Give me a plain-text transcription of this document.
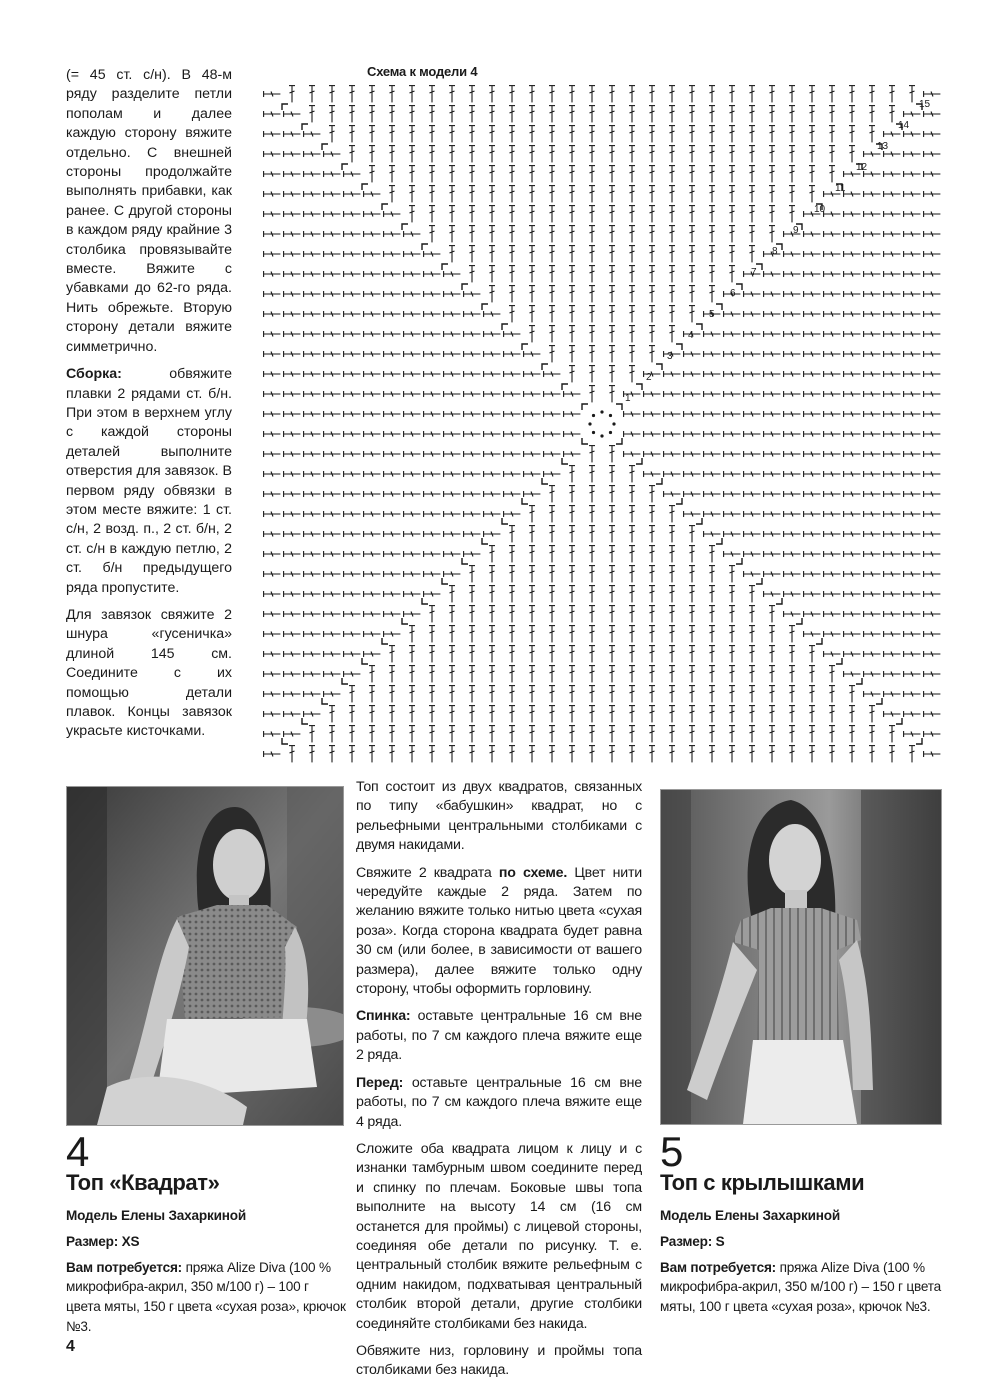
(= 45 ст. с/н). В 48-м ряду разделите петли пополам и далее каждую сторону вяжите отдельно. С внешней стороны продолжайте выполнять прибавки, как ранее. С другой стороны в каждом ряду крайние 3 столбика провязывайте вместе. Вяжите с убавками до 62-го ряда. Нить обрежьте. Вторую сторону детали вяжите симметрично.

Сборка: обвяжите плавки 2 рядами ст. б/н. При этом в верхнем углу с каждой стороны деталей выполните отверстия для завязок. В первом ряду обвязки в этом месте вяжите: 1 ст. с/н, 2 возд. п., 2 ст. б/н, 2 ст. с/н в каждую петлю, 2 ст. б/н предыдущего ряда пропустите.

Для завязок свяжите 2 шнура «гусеничка» длиной 145 см. Соедините с их помощью детали плавок. Концы завязок украсьте кисточками.

Схема к модели 4
1
2
3
4
5
6
7
8
9
10
11
12
13
14
15
4
Топ «Квадрат»

Модель Елены Захаркиной

Размер: XS

Вам потребуется: пряжа Alize Diva (100 % микрофибра-акрил, 350 м/100 г) – 100 г цвета мяты, 150 г цвета «сухая роза», крючок №3.

Топ состоит из двух квадратов, связанных по типу «бабушкин» квадрат, но с рельефными центральными столбиками с двумя накидами.

Свяжите 2 квадрата по схеме. Цвет нити чередуйте каждые 2 ряда. Затем по желанию вяжите только нитью цвета «сухая роза». Когда сторона квадрата будет равна 30 см (или более, в зависимости от вашего размера), далее вяжите только одну сторону, чтобы оформить горловину.

Спинка: оставьте центральные 16 см вне работы, по 7 см каждого плеча вяжите еще 2 ряда.

Перед: оставьте центральные 16 см вне работы, по 7 см каждого плеча вяжите еще 4 ряда.

Сложите оба квадрата лицом к лицу и с изнанки тамбурным швом соедините перед и спинку по плечам. Боковые швы топа выполните на высоту 14 см (16 см останется для проймы) с лицевой стороны, соединяя обе детали по рисунку. Т. е. центральный столбик вяжите рельефным с одним накидом, подхватывая центральный столбик второй детали, другие столбики соединяйте столбиками без накида.

Обвяжите низ, горловину и проймы топа столбиками без накида.

5
Топ с крылышками

Модель Елены Захаркиной

Размер: S

Вам потребуется: пряжа Alize Diva (100 % микрофибра-акрил, 350 м/100 г) – 150 г цвета мяты, 100 г цвета «сухая роза», крючок №3.

4
